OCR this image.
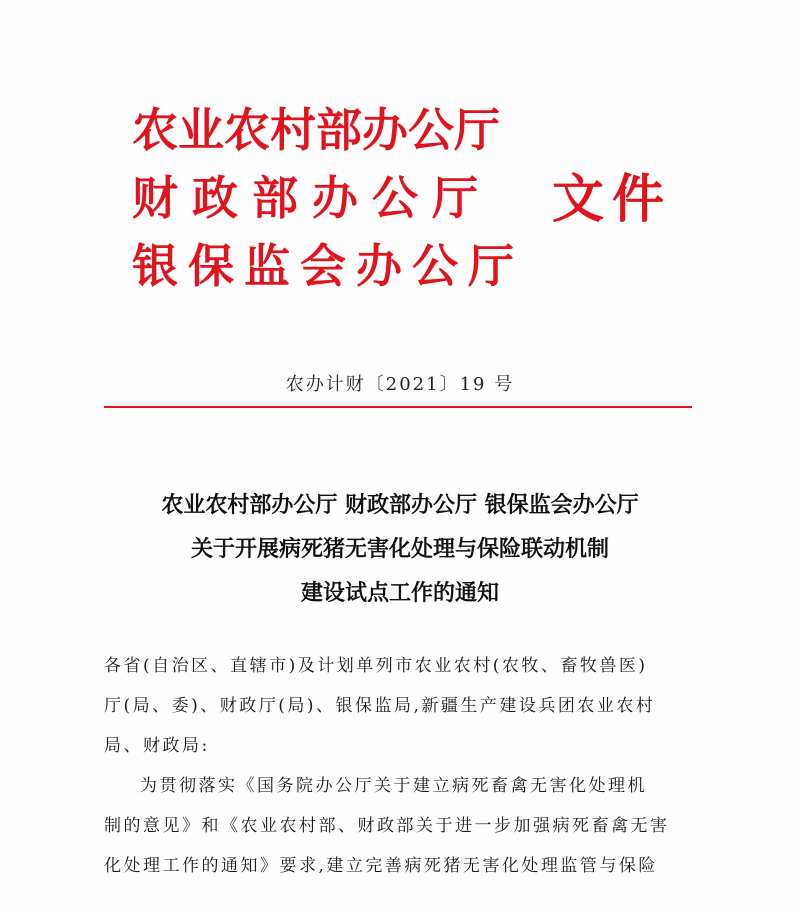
农业农村部办公厅
财政部办公厅
银保监会办公厅
文件
农办计财〔2021〕19 号
农业农村部办公厅 财政部办公厅 银保监会办公厅
关于开展病死猪无害化处理与保险联动机制
建设试点工作的通知
各省(自治区、直辖市)及计划单列市农业农村(农牧、畜牧兽医)
厅(局、委)、财政厅(局)、银保监局,新疆生产建设兵团农业农村
局、财政局:
为贯彻落实《国务院办公厅关于建立病死畜禽无害化处理机
制的意见》和《农业农村部、财政部关于进一步加强病死畜禽无害
化处理工作的通知》要求,建立完善病死猪无害化处理监管与保险
